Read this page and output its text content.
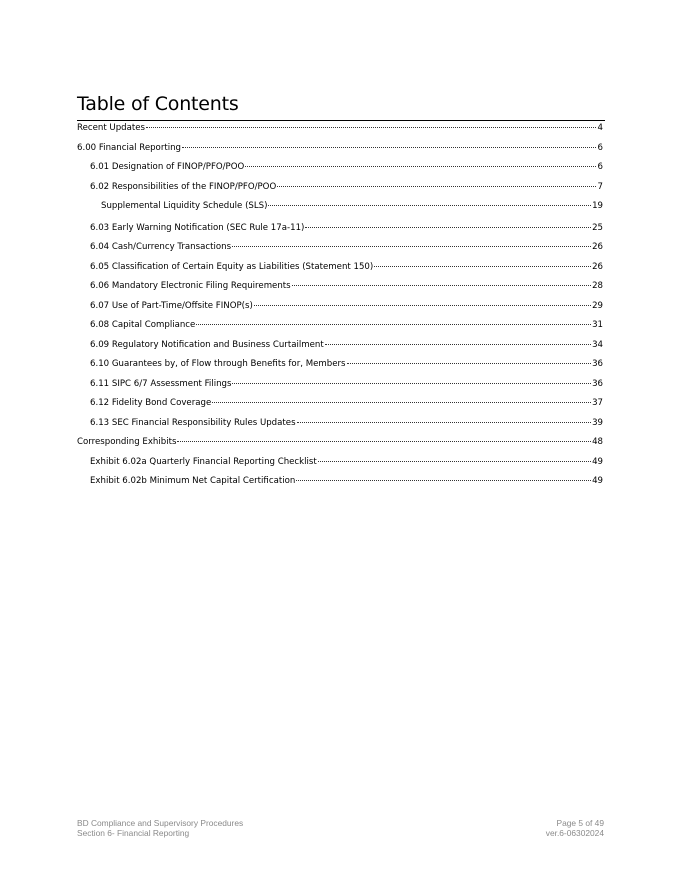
Table of Contents
Recent Updates	4
6.00 Financial Reporting	6
6.01 Designation of FINOP/PFO/POO	6
6.02 Responsibilities of the FINOP/PFO/POO	7
Supplemental Liquidity Schedule (SLS)	19
6.03 Early Warning Notification (SEC Rule 17a-11)	25
6.04 Cash/Currency Transactions	26
6.05 Classification of Certain Equity as Liabilities (Statement 150)	26
6.06 Mandatory Electronic Filing Requirements	28
6.07 Use of Part-Time/Offsite FINOP(s)	29
6.08 Capital Compliance	31
6.09 Regulatory Notification and Business Curtailment	34
6.10 Guarantees by, of Flow through Benefits for, Members	36
6.11 SIPC 6/7 Assessment Filings	36
6.12 Fidelity Bond Coverage	37
6.13 SEC Financial Responsibility Rules Updates	39
Corresponding Exhibits	48
Exhibit 6.02a Quarterly Financial Reporting Checklist	49
Exhibit 6.02b Minimum Net Capital Certification	49
BD Compliance and Supervisory Procedures
Section 6- Financial Reporting
Page 5 of 49
ver.6-06302024
